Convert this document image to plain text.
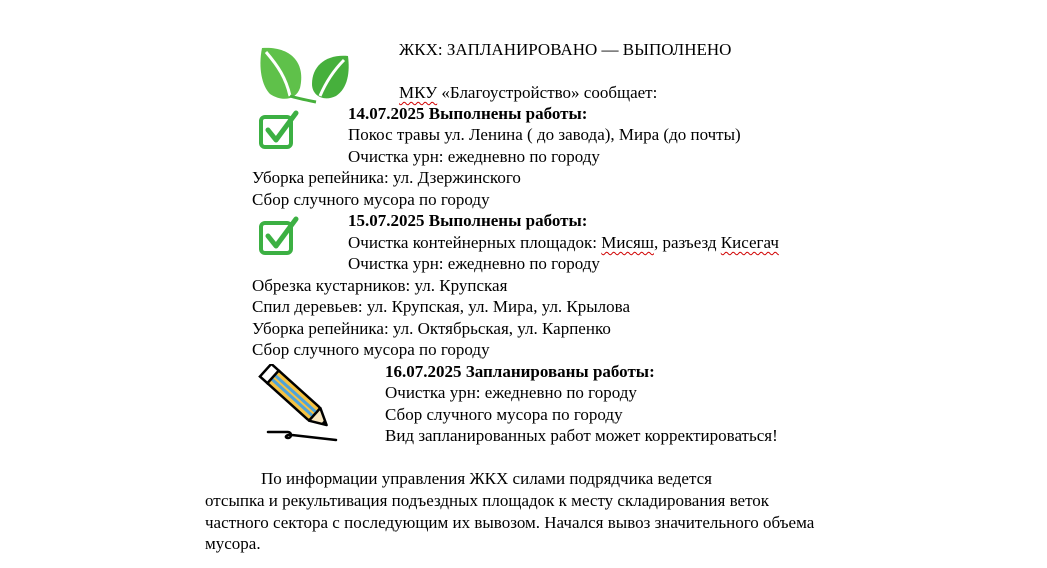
ЖКХ: ЗАПЛАНИРОВАНО — ВЫПОЛНЕНО
МКУ «Благоустройство» сообщает:
14.07.2025 Выполнены работы:
Покос травы ул. Ленина ( до завода), Мира (до почты)
Очистка урн: ежедневно по городу
Уборка репейника: ул. Дзержинского
Сбор случного мусора по городу
15.07.2025 Выполнены работы:
Очистка контейнерных площадок: Мисяш, разъезд Кисегач
Очистка урн: ежедневно по городу
Обрезка кустарников: ул. Крупская
Спил деревьев: ул. Крупская, ул. Мира, ул. Крылова
Уборка репейника: ул. Октябрьская, ул. Карпенко
Сбор случного мусора по городу
16.07.2025 Запланированы работы:
Очистка урн: ежедневно по городу
Сбор случного мусора по городу
Вид запланированных работ может корректироваться!
По информации управления ЖКХ силами подрядчика ведется
отсыпка и рекультивация подъездных площадок к месту складирования веток
частного сектора с последующим их вывозом. Начался вывоз значительного объема
мусора.
